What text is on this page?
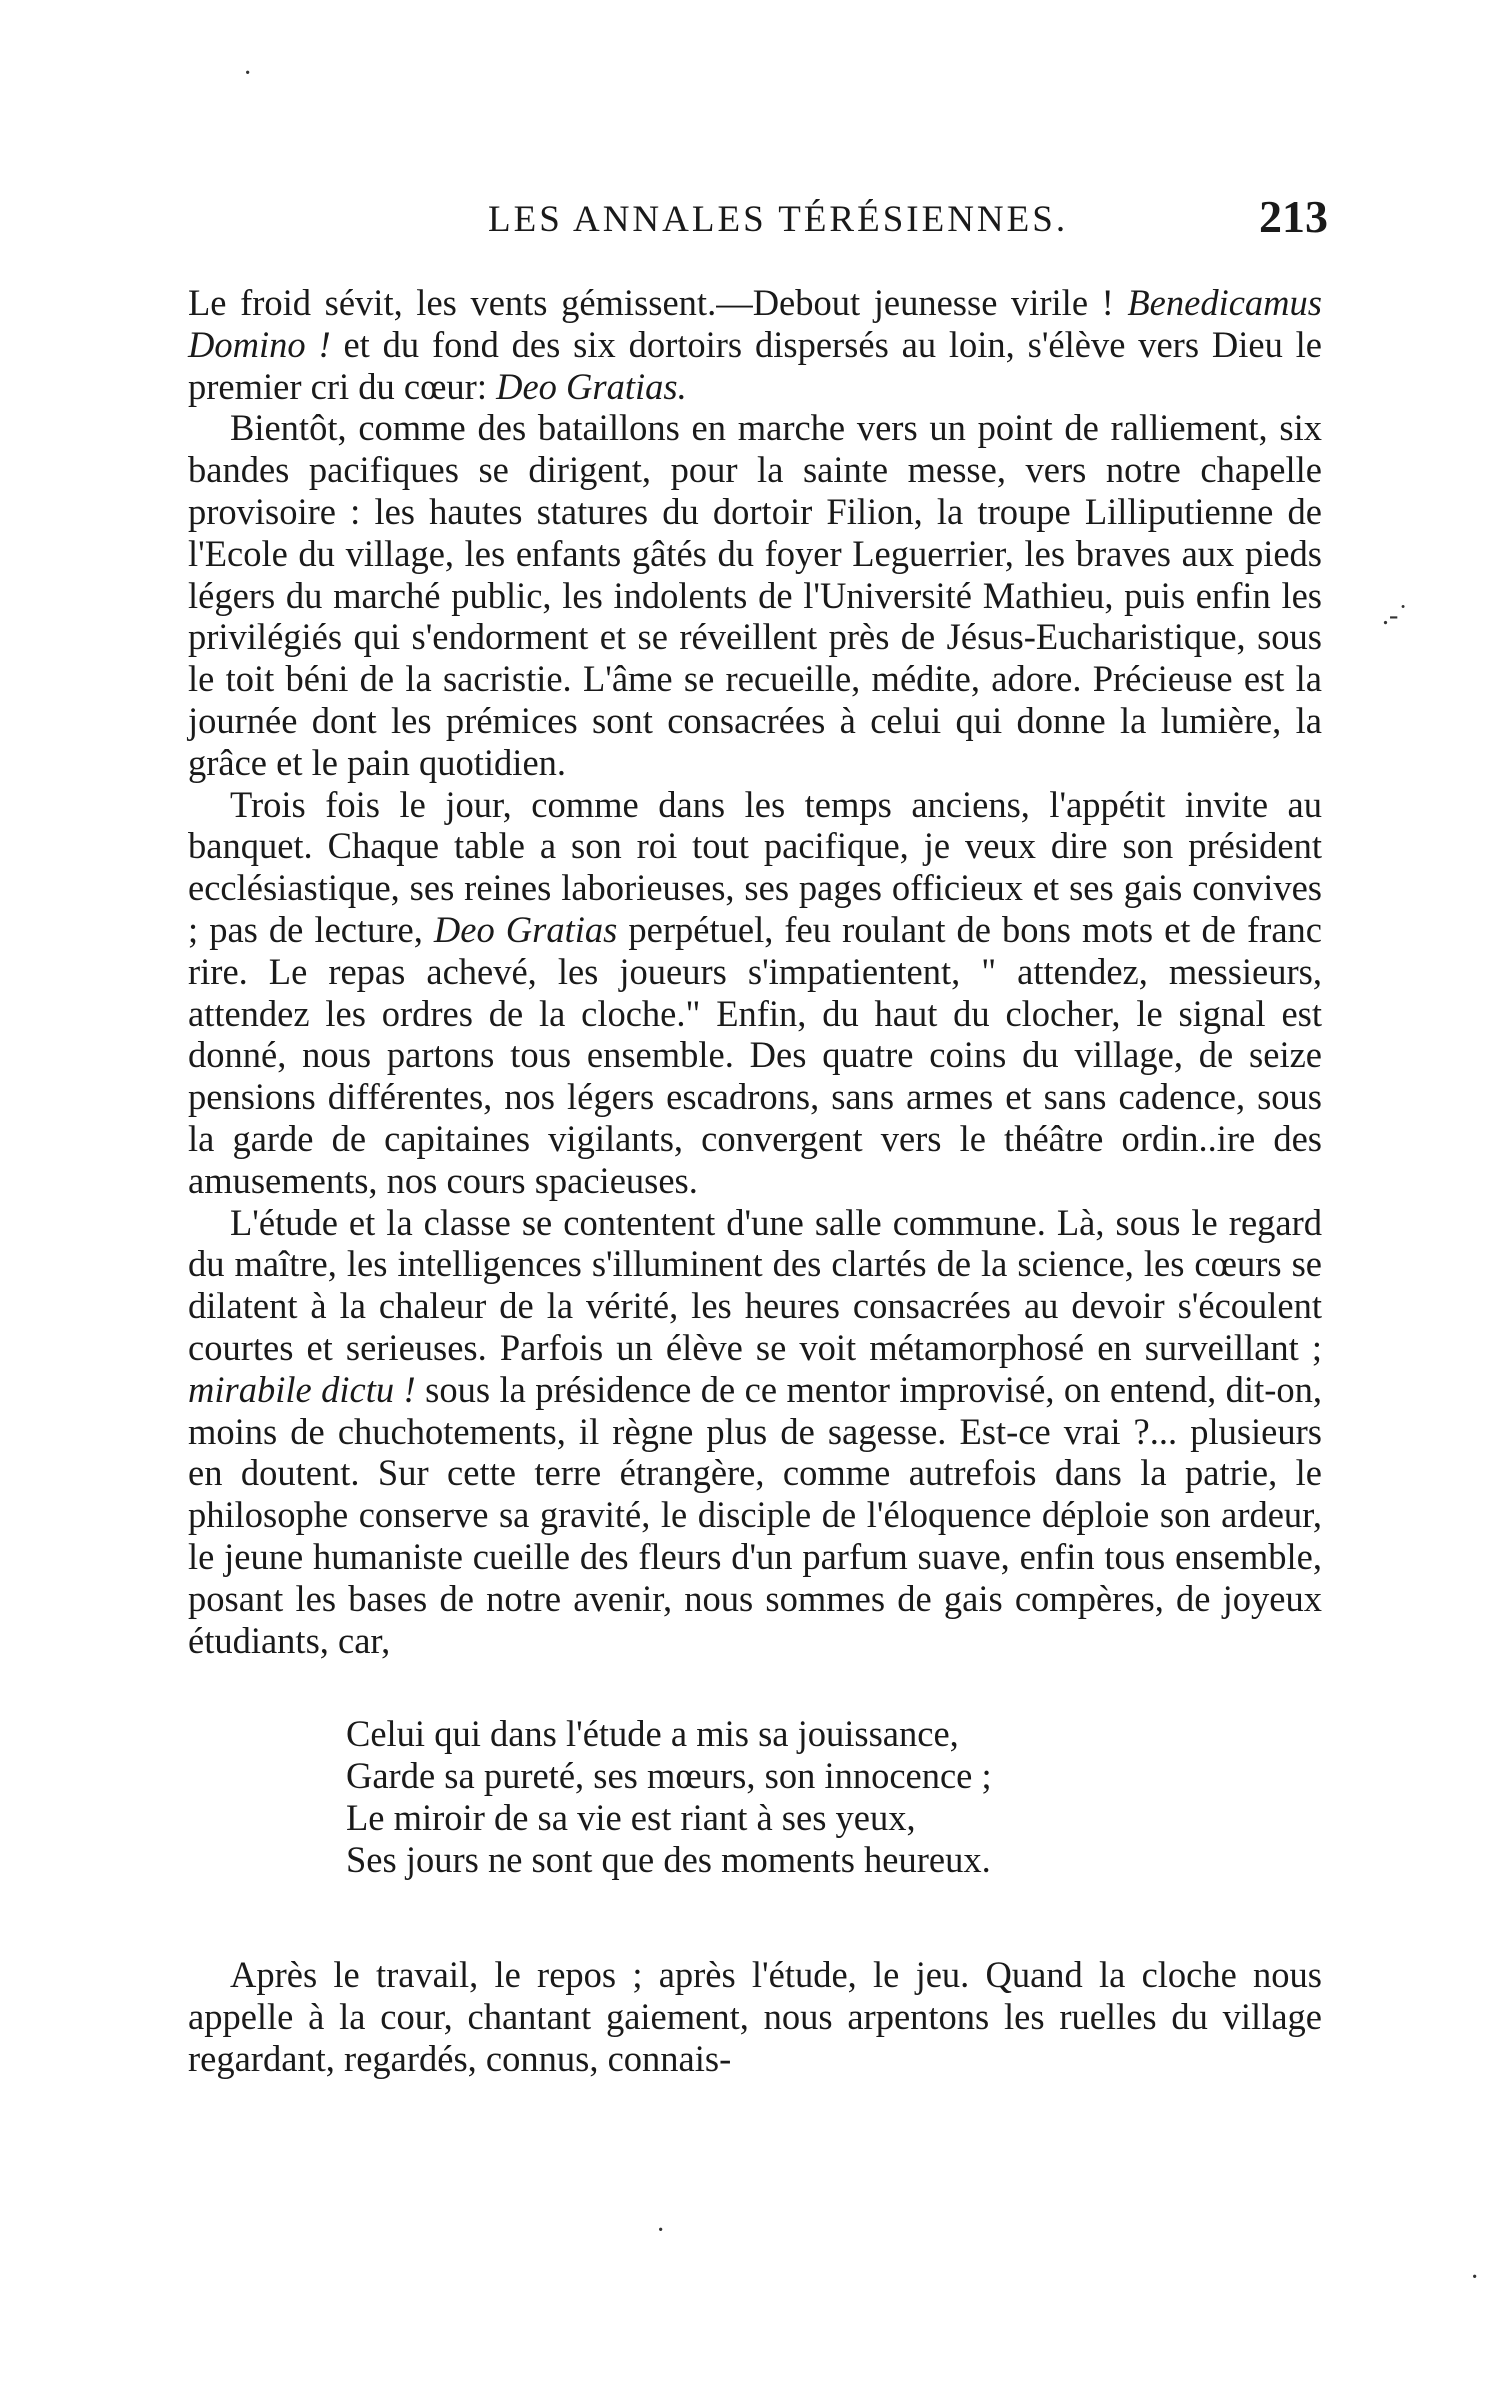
LES ANNALES TÉRÉSIENNES.	213
·
.-˙

Le froid sévit, les vents gémissent.—Debout jeunesse virile ! Benedicamus Domino ! et du fond des six dortoirs dispersés au loin, s'élève vers Dieu le premier cri du cœur: Deo Gratias.

Bientôt, comme des bataillons en marche vers un point de ralliement, six bandes pacifiques se dirigent, pour la sainte messe, vers notre chapelle provisoire : les hautes statures du dortoir Filion, la troupe Lilliputienne de l'Ecole du village, les enfants gâtés du foyer Leguerrier, les braves aux pieds légers du marché public, les indolents de l'Université Mathieu, puis enfin les privilégiés qui s'endorment et se réveillent près de Jésus-Eucharistique, sous le toit béni de la sacristie. L'âme se recueille, médite, adore. Précieuse est la journée dont les prémices sont consacrées à celui qui donne la lumière, la grâce et le pain quotidien.

Trois fois le jour, comme dans les temps anciens, l'appétit invite au banquet. Chaque table a son roi tout pacifique, je veux dire son président ecclésiastique, ses reines laborieuses, ses pages officieux et ses gais convives ; pas de lecture, Deo Gratias perpétuel, feu roulant de bons mots et de franc rire. Le repas achevé, les joueurs s'impatientent, " attendez, messieurs, attendez les ordres de la cloche." Enfin, du haut du clocher, le signal est donné, nous partons tous ensemble. Des quatre coins du village, de seize pensions différentes, nos légers escadrons, sans armes et sans cadence, sous la garde de capitaines vigilants, convergent vers le théâtre ordin..ire des amusements, nos cours spacieuses.

L'étude et la classe se contentent d'une salle commune. Là, sous le regard du maître, les intelligences s'illuminent des clartés de la science, les cœurs se dilatent à la chaleur de la vérité, les heures consacrées au devoir s'écoulent courtes et serieuses. Parfois un élève se voit métamorphosé en surveillant ; mirabile dictu ! sous la présidence de ce mentor improvisé, on entend, dit-on, moins de chuchotements, il règne plus de sagesse. Est-ce vrai ?... plusieurs en doutent. Sur cette terre étrangère, comme autrefois dans la patrie, le philosophe conserve sa gravité, le disciple de l'éloquence déploie son ardeur, le jeune humaniste cueille des fleurs d'un parfum suave, enfin tous ensemble, posant les bases de notre avenir, nous sommes de gais compères, de joyeux étudiants, car,

Celui qui dans l'étude a mis sa jouissance,

Garde sa pureté, ses mœurs, son innocence ;

Le miroir de sa vie est riant à ses yeux,

Ses jours ne sont que des moments heureux.

Après le travail, le repos ; après l'étude, le jeu. Quand la cloche nous appelle à la cour, chantant gaiement, nous arpentons les ruelles du village regardant, regardés, connus, connais-

·
·
